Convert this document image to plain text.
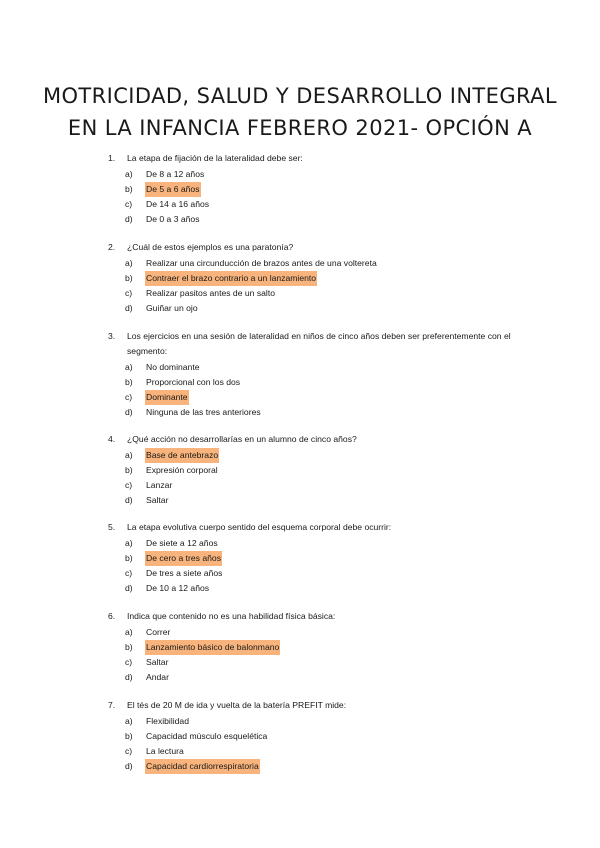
MOTRICIDAD, SALUD Y DESARROLLO INTEGRAL
EN LA INFANCIA FEBRERO 2021- OPCIÓN A
1.	La etapa de fijación de la lateralidad debe ser:
a)	De 8 a 12 años
b)	De 5 a 6 años
c)	De 14 a 16 años
d)	De 0 a 3 años
2.	¿Cuál de estos ejemplos es una paratonía?
a)	Realizar una circunducción de brazos antes de una voltereta
b)	Contraer el brazo contrario a un lanzamiento
c)	Realizar pasitos antes de un salto
d)	Guiñar un ojo
3.	Los ejercicios en una sesión de lateralidad en niños de cinco años deben ser preferentemente con el segmento:
a)	No dominante
b)	Proporcional con los dos
c)	Dominante
d)	Ninguna de las tres anteriores
4.	¿Qué acción no desarrollarías en un alumno de cinco años?
a)	Base de antebrazo
b)	Expresión corporal
c)	Lanzar
d)	Saltar
5.	La etapa evolutiva cuerpo sentido del esquema corporal debe ocurrir:
a)	De siete a 12 años
b)	De cero a tres años
c)	De tres a siete años
d)	De 10 a 12 años
6.	Indica que contenido no es una habilidad física básica:
a)	Correr
b)	Lanzamiento básico de balonmano
c)	Saltar
d)	Andar
7.	El tés de 20 M de ida y vuelta de la batería PREFIT mide:
a)	Flexibilidad
b)	Capacidad músculo esquelética
c)	La lectura
d)	Capacidad cardiorrespiratoria
